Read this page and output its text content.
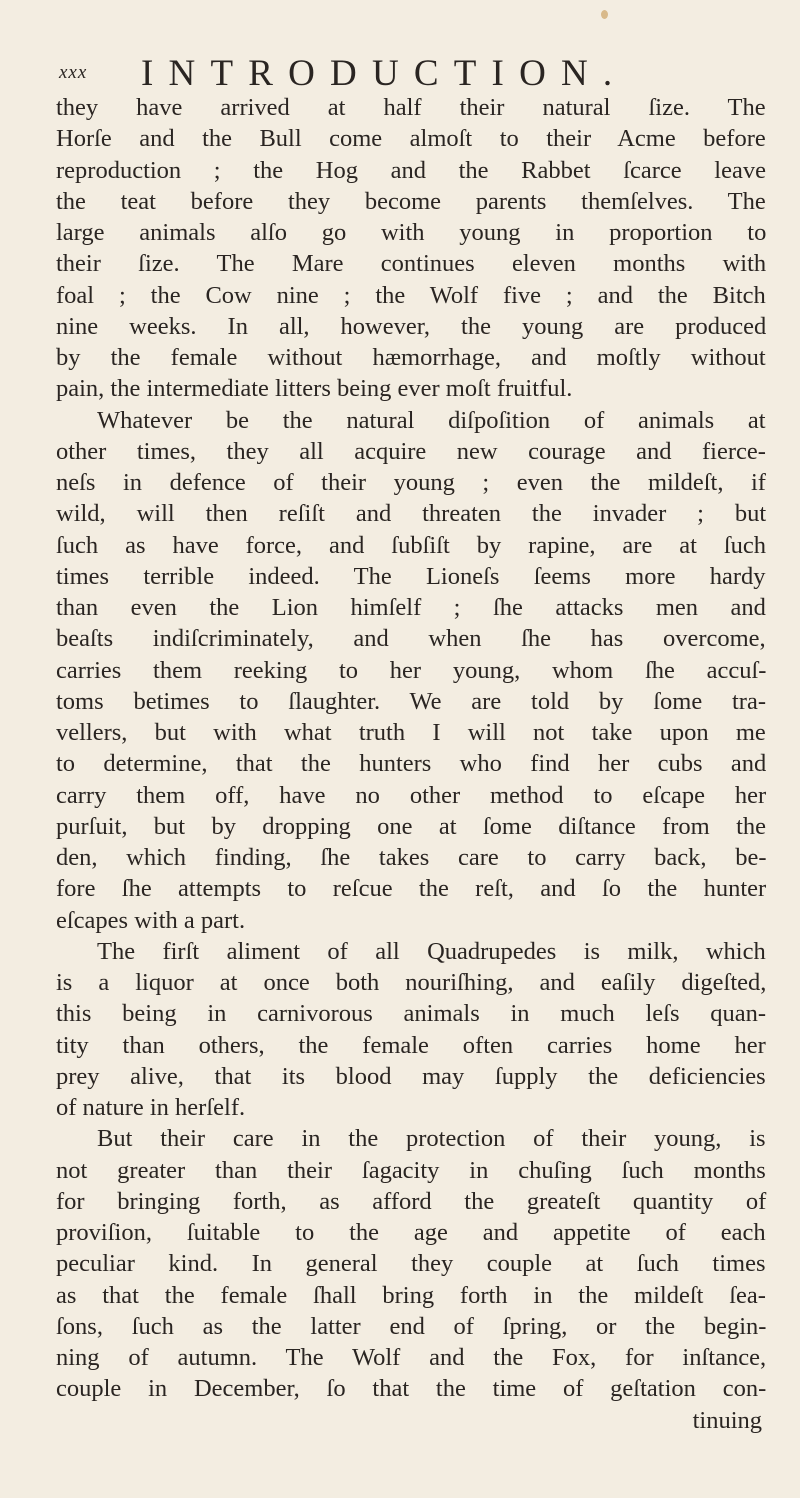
xxx INTRODUCTION.
they have arrived at half their natural ſize. The
Horſe and the Bull come almoſt to their Acme before
reproduction ; the Hog and the Rabbet ſcarce leave
the teat before they become parents themſelves. The
large animals alſo go with young in proportion to
their ſize. The Mare continues eleven months with
foal ; the Cow nine ; the Wolf five ; and the Bitch
nine weeks. In all, however, the young are produced
by the female without hæmorrhage, and moſtly without
pain, the intermediate litters being ever moſt fruitful.
Whatever be the natural diſpoſition of animals at
other times, they all acquire new courage and fierce-
neſs in defence of their young ; even the mildeſt, if
wild, will then reſiſt and threaten the invader ; but
ſuch as have force, and ſubſiſt by rapine, are at ſuch
times terrible indeed. The Lioneſs ſeems more hardy
than even the Lion himſelf ; ſhe attacks men and
beaſts indiſcriminately, and when ſhe has overcome,
carries them reeking to her young, whom ſhe accuſ-
toms betimes to ſlaughter. We are told by ſome tra-
vellers, but with what truth I will not take upon me
to determine, that the hunters who find her cubs and
carry them off, have no other method to eſcape her
purſuit, but by dropping one at ſome diſtance from the
den, which finding, ſhe takes care to carry back, be-
fore ſhe attempts to reſcue the reſt, and ſo the hunter
eſcapes with a part.
The firſt aliment of all Quadrupedes is milk, which
is a liquor at once both nouriſhing, and eaſily digeſted,
this being in carnivorous animals in much leſs quan-
tity than others, the female often carries home her
prey alive, that its blood may ſupply the deficiencies
of nature in herſelf.
But their care in the protection of their young, is
not greater than their ſagacity in chuſing ſuch months
for bringing forth, as afford the greateſt quantity of
proviſion, ſuitable to the age and appetite of each
peculiar kind. In general they couple at ſuch times
as that the female ſhall bring forth in the mildeſt ſea-
ſons, ſuch as the latter end of ſpring, or the begin-
ning of autumn. The Wolf and the Fox, for inſtance,
couple in December, ſo that the time of geſtation con-
tinuing
